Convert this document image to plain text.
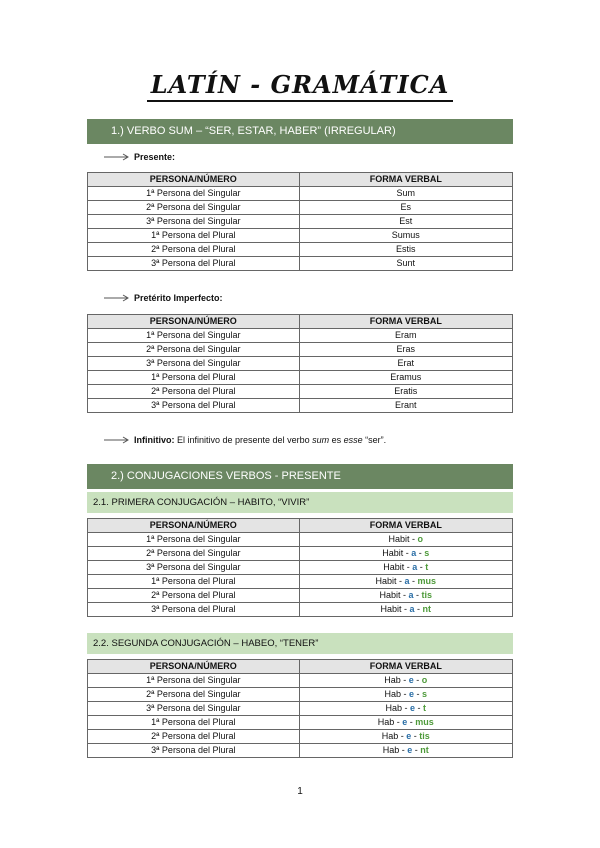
LATÍN - GRAMÁTICA
1.) VERBO SUM – “SER, ESTAR, HABER” (IRREGULAR)
Presente:
PERSONA/NÚMERO	FORMA VERBAL
1ª Persona del Singular	Sum
2ª Persona del Singular	Es
3ª Persona del Singular	Est
1ª Persona del Plural	Sumus
2ª Persona del Plural	Estis
3ª Persona del Plural	Sunt
Pretérito Imperfecto:
PERSONA/NÚMERO	FORMA VERBAL
1ª Persona del Singular	Eram
2ª Persona del Singular	Eras
3ª Persona del Singular	Erat
1ª Persona del Plural	Eramus
2ª Persona del Plural	Eratis
3ª Persona del Plural	Erant
Infinitivo: El infinitivo de presente del verbo sum es esse “ser”.
2.) CONJUGACIONES VERBOS - PRESENTE
2.1. PRIMERA CONJUGACIÓN – HABITO, “VIVIR”
PERSONA/NÚMERO	FORMA VERBAL
1ª Persona del Singular	Habit - o
2ª Persona del Singular	Habit - a - s
3ª Persona del Singular	Habit - a - t
1ª Persona del Plural	Habit - a - mus
2ª Persona del Plural	Habit - a - tis
3ª Persona del Plural	Habit - a - nt
2.2. SEGUNDA CONJUGACIÓN – HABEO, “TENER”
PERSONA/NÚMERO	FORMA VERBAL
1ª Persona del Singular	Hab - e - o
2ª Persona del Singular	Hab - e - s
3ª Persona del Singular	Hab - e - t
1ª Persona del Plural	Hab - e - mus
2ª Persona del Plural	Hab - e - tis
3ª Persona del Plural	Hab - e - nt
1
